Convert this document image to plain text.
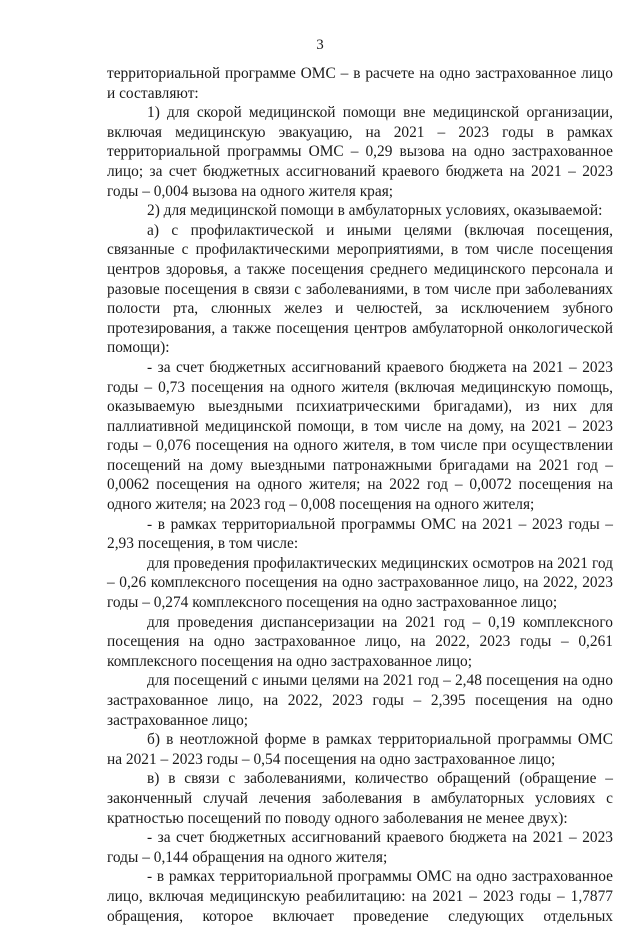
3

территориальной программе ОМС – в расчете на одно застрахованное лицо и составляют:

1) для скорой медицинской помощи вне медицинской организации, включая медицинскую эвакуацию, на 2021 – 2023 годы в рамках территориальной программы ОМС – 0,29 вызова на одно застрахованное лицо; за счет бюджетных ассигнований краевого бюджета на 2021 – 2023 годы – 0,004 вызова на одного жителя края;

2) для медицинской помощи в амбулаторных условиях, оказываемой:

а) с профилактической и иными целями (включая посещения, связанные с профилактическими мероприятиями, в том числе посещения центров здоровья, а также посещения среднего медицинского персонала и разовые посещения в связи с заболеваниями, в том числе при заболеваниях полости рта, слюнных желез и челюстей, за исключением зубного протезирования, а также посещения центров амбулаторной онкологической помощи):

- за счет бюджетных ассигнований краевого бюджета на 2021 – 2023 годы – 0,73 посещения на одного жителя (включая медицинскую помощь, оказываемую выездными психиатрическими бригадами), из них для паллиативной медицинской помощи, в том числе на дому, на 2021 – 2023 годы – 0,076 посещения на одного жителя, в том числе при осуществлении посещений на дому выездными патронажными бригадами на 2021 год – 0,0062 посещения на одного жителя; на 2022 год – 0,0072 посещения на одного жителя; на 2023 год – 0,008 посещения на одного жителя;

- в рамках территориальной программы ОМС на 2021 – 2023 годы – 2,93 посещения, в том числе:

для проведения профилактических медицинских осмотров на 2021 год – 0,26 комплексного посещения на одно застрахованное лицо, на 2022, 2023 годы – 0,274 комплексного посещения на одно застрахованное лицо;

для проведения диспансеризации на 2021 год – 0,19 комплексного посещения на одно застрахованное лицо, на 2022, 2023 годы – 0,261 комплексного посещения на одно застрахованное лицо;

для посещений с иными целями на 2021 год – 2,48 посещения на одно застрахованное лицо, на 2022, 2023 годы – 2,395 посещения на одно застрахованное лицо;

б) в неотложной форме в рамках территориальной программы ОМС на 2021 – 2023 годы – 0,54 посещения на одно застрахованное лицо;

в) в связи с заболеваниями, количество обращений (обращение – законченный случай лечения заболевания в амбулаторных условиях с кратностью посещений по поводу одного заболевания не менее двух):

- за счет бюджетных ассигнований краевого бюджета на 2021 – 2023 годы – 0,144 обращения на одного жителя;

- в рамках территориальной программы ОМС на одно застрахованное лицо, включая медицинскую реабилитацию: на 2021 – 2023 годы – 1,7877 обращения, которое включает проведение следующих отдельных
